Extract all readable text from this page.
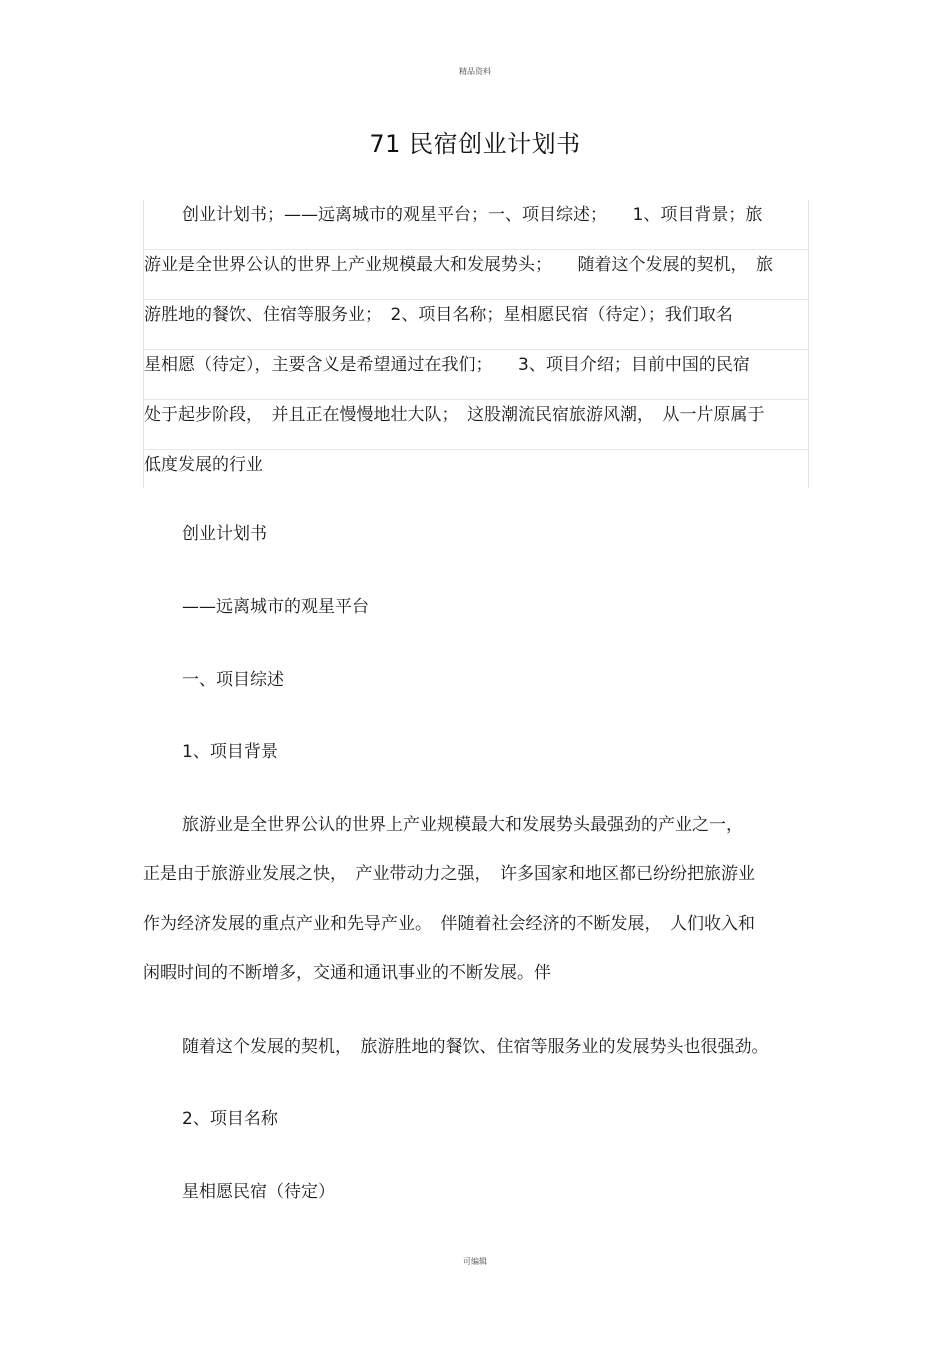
精品资料
71 民宿创业计划书
创业计划书；——远离城市的观星平台；一、项目综述；　　1、项目背景；旅
游业是全世界公认的世界上产业规模最大和发展势头；　　随着这个发展的契机，　旅
游胜地的餐饮、住宿等服务业；　2、项目名称；星相愿民宿（待定）；我们取名
星相愿（待定），主要含义是希望通过在我们；　　3、项目介绍；目前中国的民宿
处于起步阶段，　并且正在慢慢地壮大队；　这股潮流民宿旅游风潮，　从一片原属于
低度发展的行业
创业计划书
——远离城市的观星平台
一、项目综述
1、项目背景
旅游业是全世界公认的世界上产业规模最大和发展势头最强劲的产业之一，
正是由于旅游业发展之快，　产业带动力之强，　许多国家和地区都已纷纷把旅游业
作为经济发展的重点产业和先导产业。　伴随着社会经济的不断发展，　人们收入和
闲暇时间的不断增多，交通和通讯事业的不断发展。伴
随着这个发展的契机，　旅游胜地的餐饮、住宿等服务业的发展势头也很强劲。
2、项目名称
星相愿民宿（待定）
可编辑
